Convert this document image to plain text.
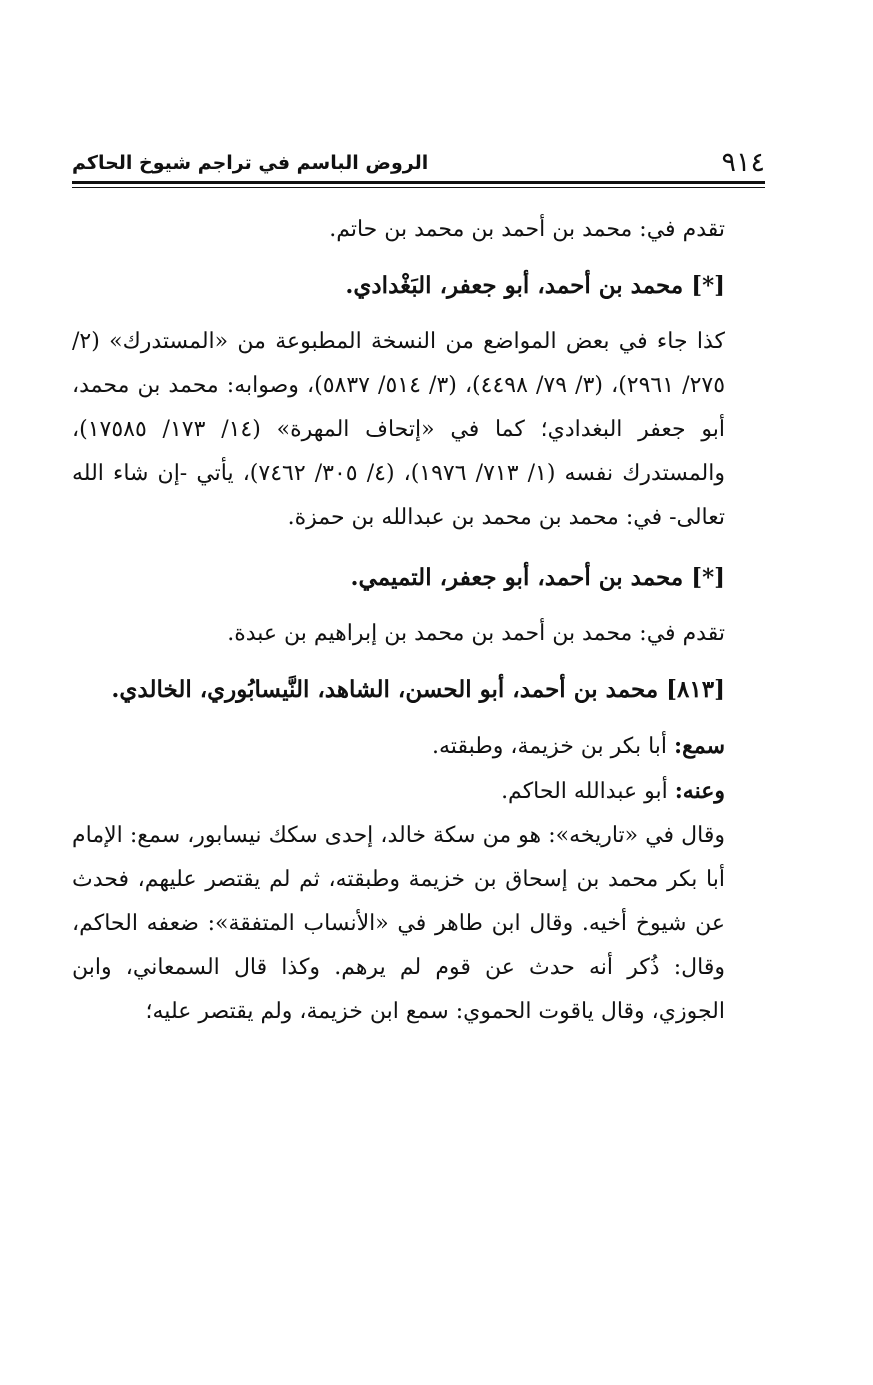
٩١٤
الروض الباسم في تراجم شيوخ الحاكم

تقدم في: محمد بن أحمد بن محمد بن حاتم.

[*] محمد بن أحمد، أبو جعفر، البَغْدادي.

كذا جاء في بعض المواضع من النسخة المطبوعة من «المستدرك» (٢/ ٢٧٥/ ٢٩٦١)، (٣/ ٧٩/ ٤٤٩٨)، (٣/ ٥١٤/ ٥٨٣٧)، وصوابه: محمد بن محمد، أبو جعفر البغدادي؛ كما في «إتحاف المهرة» (١٤/ ١٧٣/ ١٧٥٨٥)، والمستدرك نفسه (١/ ٧١٣/ ١٩٧٦)، (٤/ ٣٠٥/ ٧٤٦٢)، يأتي -إن شاء الله تعالى- في: محمد بن محمد بن عبدالله بن حمزة.

[*] محمد بن أحمد، أبو جعفر، التميمي.

تقدم في: محمد بن أحمد بن محمد بن إبراهيم بن عبدة.

[٨١٣] محمد بن أحمد، أبو الحسن، الشاهد، النَّيسابُوري، الخالدي.

سمع: أبا بكر بن خزيمة، وطبقته.

وعنه: أبو عبدالله الحاكم.

وقال في «تاريخه»: هو من سكة خالد، إحدى سكك نيسابور، سمع: الإمام أبا بكر محمد بن إسحاق بن خزيمة وطبقته، ثم لم يقتصر عليهم، فحدث عن شيوخ أخيه. وقال ابن طاهر في «الأنساب المتفقة»: ضعفه الحاكم، وقال: ذُكر أنه حدث عن قوم لم يرهم. وكذا قال السمعاني، وابن الجوزي، وقال ياقوت الحموي: سمع ابن خزيمة، ولم يقتصر عليه؛
